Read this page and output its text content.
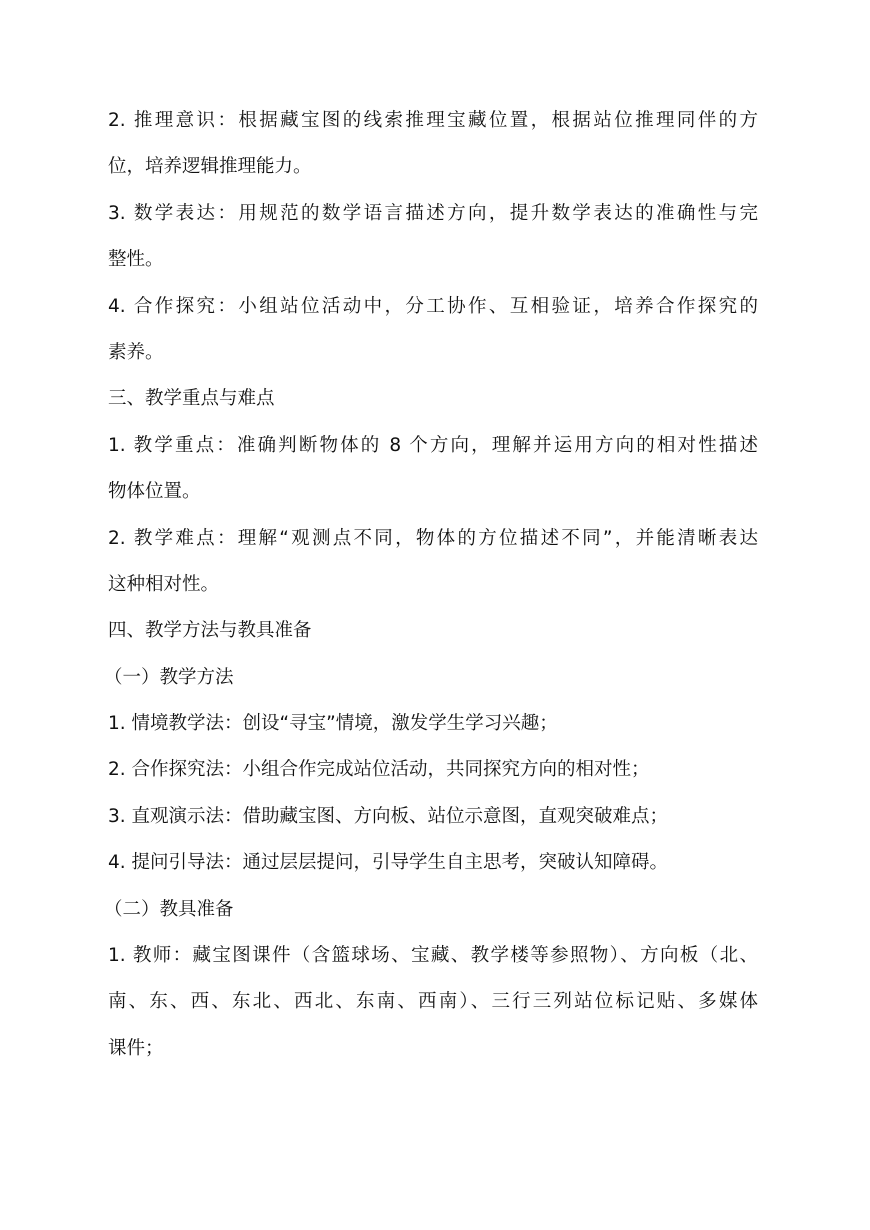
2. 推理意识：根据藏宝图的线索推理宝藏位置，根据站位推理同伴的方
位，培养逻辑推理能力。
3. 数学表达：用规范的数学语言描述方向，提升数学表达的准确性与完
整性。
4. 合作探究：小组站位活动中，分工协作、互相验证，培养合作探究的
素养。
三、教学重点与难点
1. 教学重点：准确判断物体的 8 个方向，理解并运用方向的相对性描述
物体位置。
2. 教学难点：理解“观测点不同，物体的方位描述不同”，并能清晰表达
这种相对性。
四、教学方法与教具准备
（一）教学方法
1. 情境教学法：创设“寻宝”情境，激发学生学习兴趣；
2. 合作探究法：小组合作完成站位活动，共同探究方向的相对性；
3. 直观演示法：借助藏宝图、方向板、站位示意图，直观突破难点；
4. 提问引导法：通过层层提问，引导学生自主思考，突破认知障碍。
（二）教具准备
1. 教师：藏宝图课件（含篮球场、宝藏、教学楼等参照物）、方向板（北、
南、东、西、东北、西北、东南、西南）、三行三列站位标记贴、多媒体
课件；
